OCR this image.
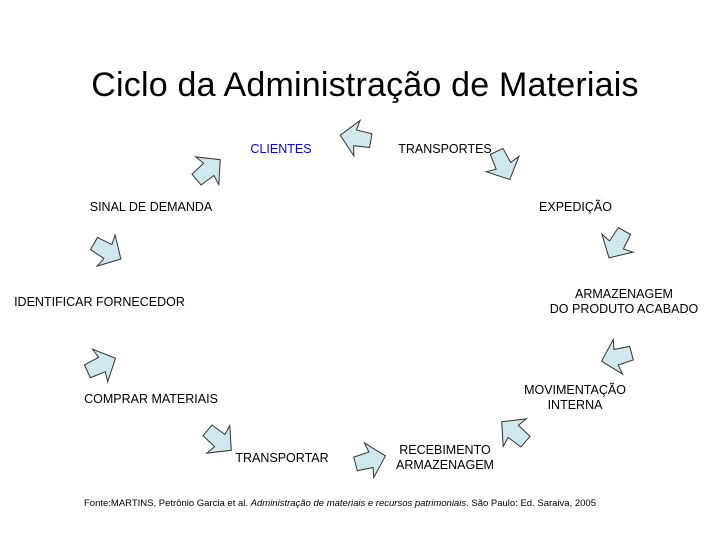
Ciclo da Administração de Materiais
CLIENTES	TRANSPORTES
EXPEDIÇÃO
ARMAZENAGEM
DO PRODUTO ACABADO
MOVIMENTAÇÃO
INTERNA
RECEBIMENTO
ARMAZENAGEM
TRANSPORTAR
COMPRAR MATERIAIS
IDENTIFICAR FORNECEDOR
SINAL DE DEMANDA
Fonte:MARTINS, Petrônio Garcia et al. Administração de materiais e recursos patrimoniais. São Paulo: Ed. Saraiva, 2005
